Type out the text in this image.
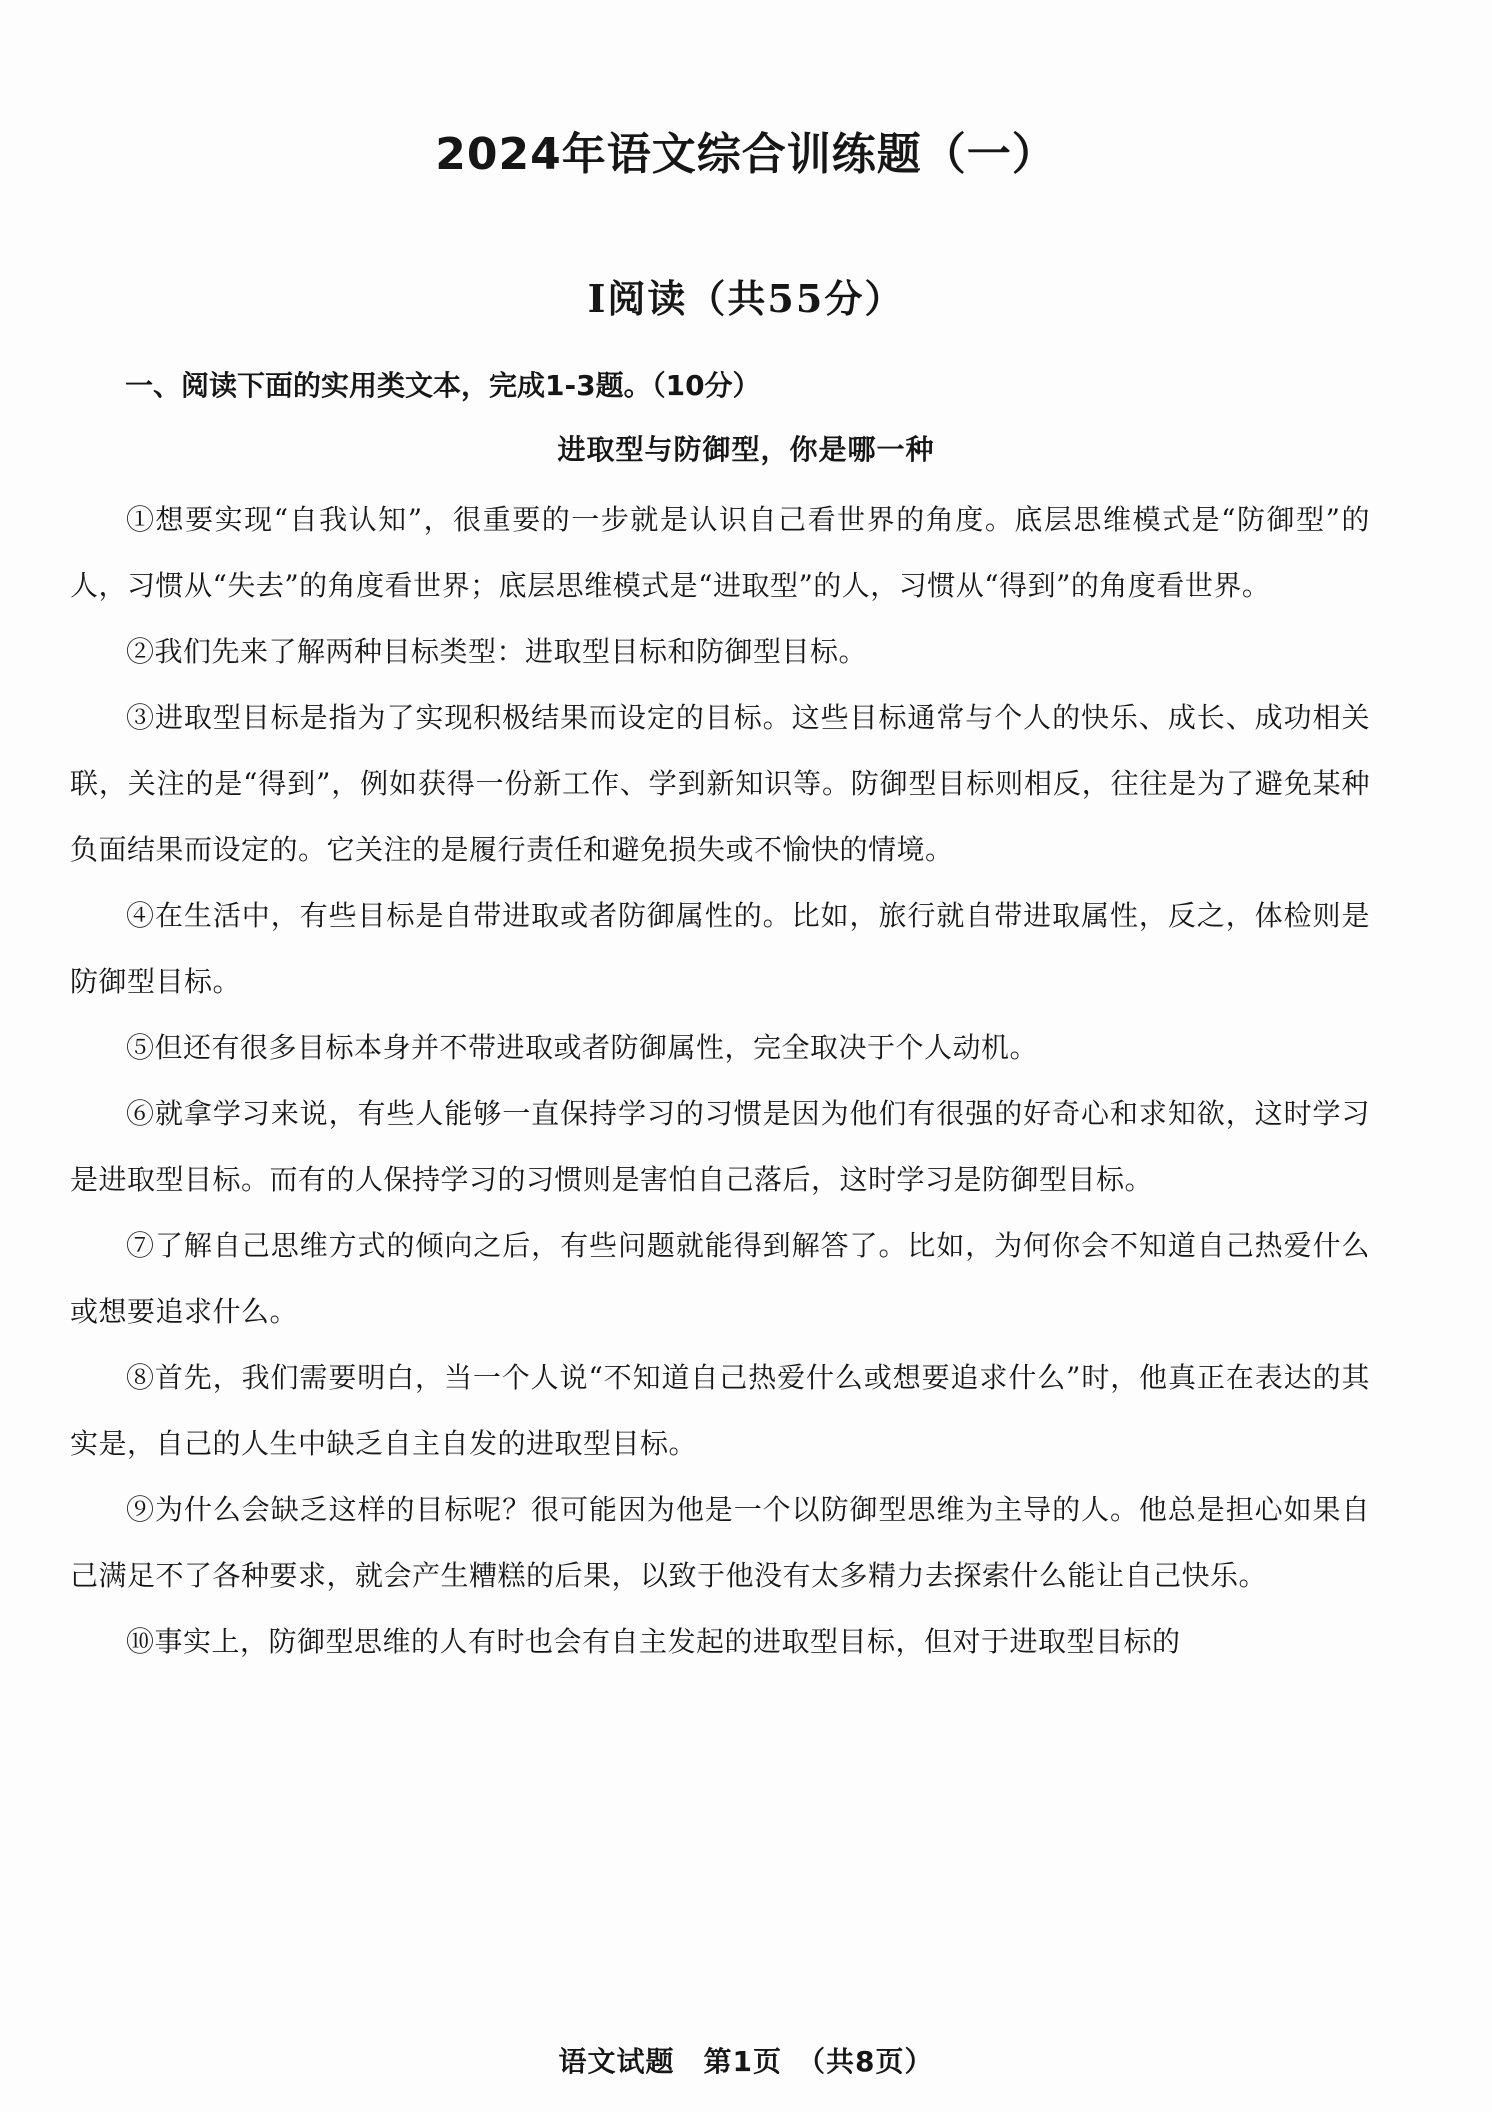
2024年语文综合训练题（一）
Ⅰ阅读（共55分）
一、阅读下面的实用类文本，完成1-3题。（10分）
进取型与防御型，你是哪一种

①想要实现“自我认知”，很重要的一步就是认识自己看世界的角度。底层思维模式是“防御型”的人，习惯从“失去”的角度看世界；底层思维模式是“进取型”的人，习惯从“得到”的角度看世界。

②我们先来了解两种目标类型：进取型目标和防御型目标。

③进取型目标是指为了实现积极结果而设定的目标。这些目标通常与个人的快乐、成长、成功相关联，关注的是“得到”，例如获得一份新工作、学到新知识等。防御型目标则相反，往往是为了避免某种负面结果而设定的。它关注的是履行责任和避免损失或不愉快的情境。

④在生活中，有些目标是自带进取或者防御属性的。比如，旅行就自带进取属性，反之，体检则是防御型目标。

⑤但还有很多目标本身并不带进取或者防御属性，完全取决于个人动机。

⑥就拿学习来说，有些人能够一直保持学习的习惯是因为他们有很强的好奇心和求知欲，这时学习是进取型目标。而有的人保持学习的习惯则是害怕自己落后，这时学习是防御型目标。

⑦了解自己思维方式的倾向之后，有些问题就能得到解答了。比如，为何你会不知道自己热爱什么或想要追求什么。

⑧首先，我们需要明白，当一个人说“不知道自己热爱什么或想要追求什么”时，他真正在表达的其实是，自己的人生中缺乏自主自发的进取型目标。

⑨为什么会缺乏这样的目标呢？很可能因为他是一个以防御型思维为主导的人。他总是担心如果自己满足不了各种要求，就会产生糟糕的后果，以致于他没有太多精力去探索什么能让自己快乐。

⑩事实上，防御型思维的人有时也会有自主发起的进取型目标，但对于进取型目标的

语文试题　第1页　（共8页）
